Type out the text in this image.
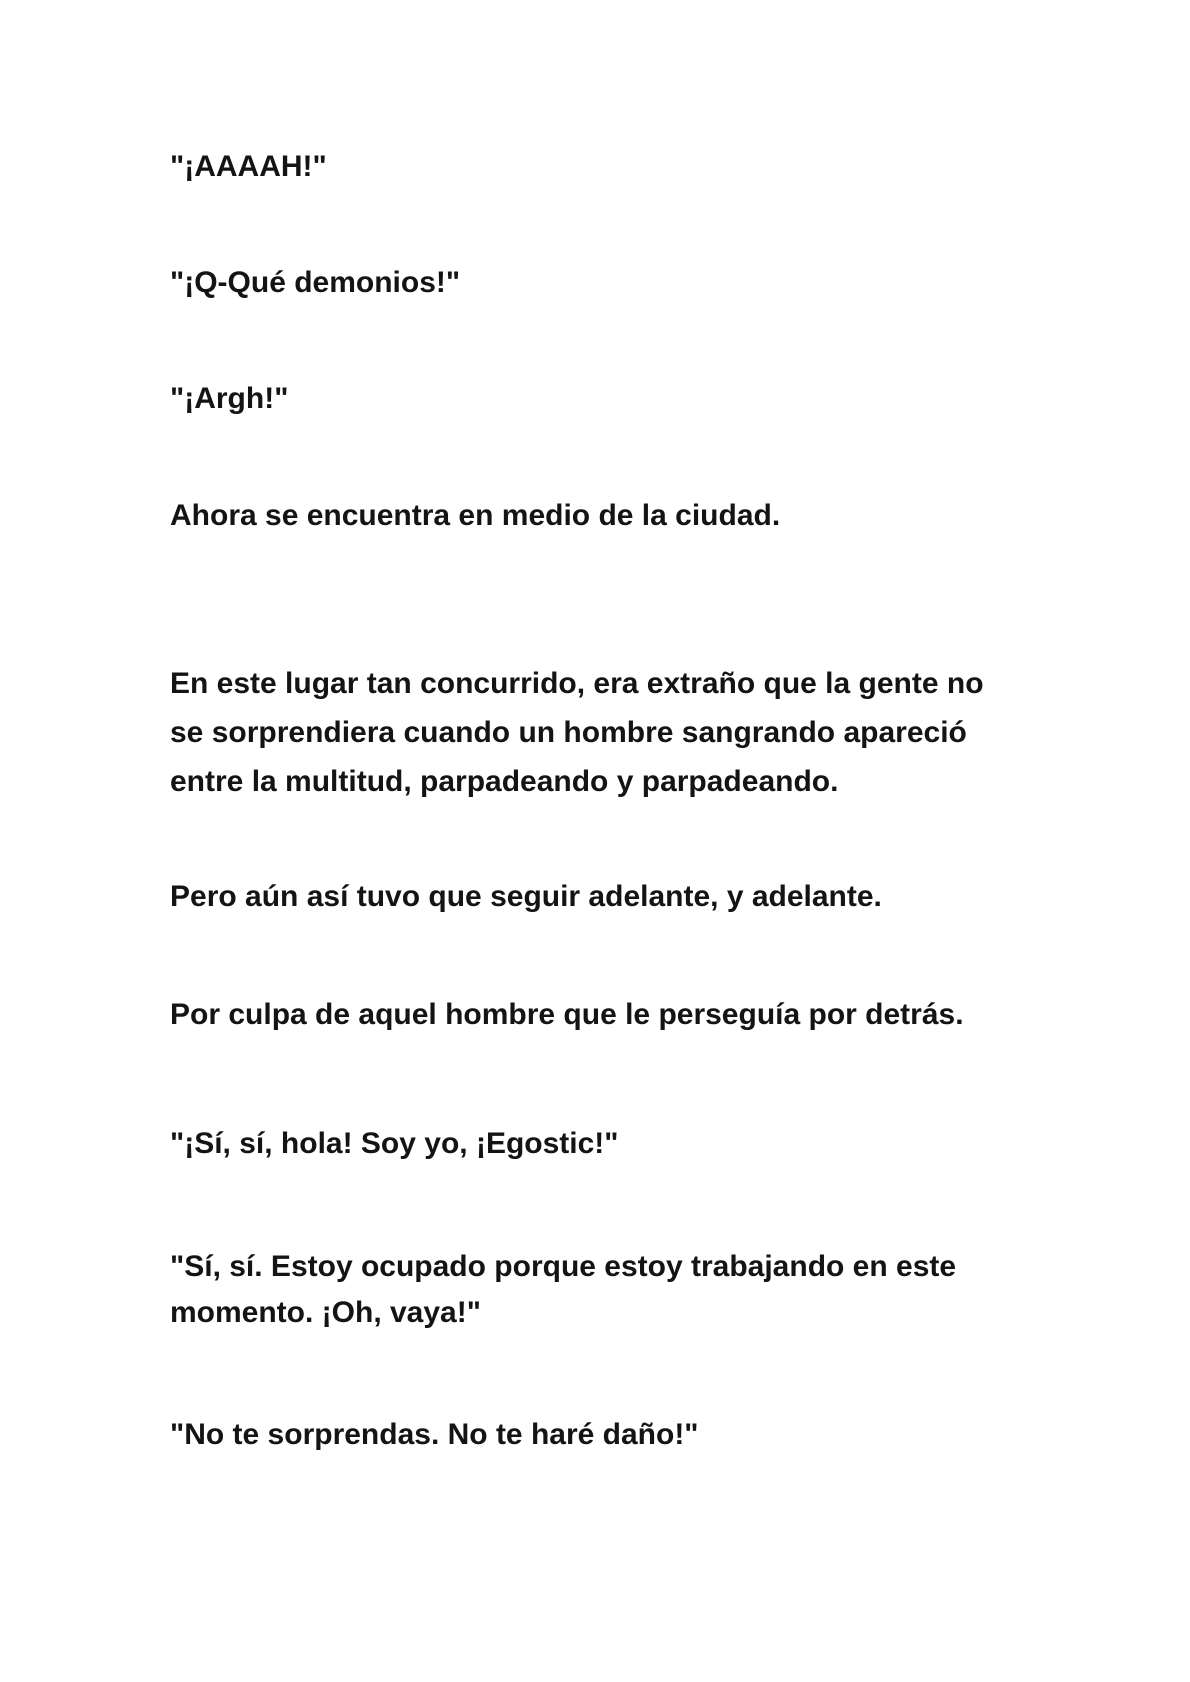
"¡AAAAH!"

"¡Q-Qué demonios!"

"¡Argh!"

Ahora se encuentra en medio de la ciudad.

En este lugar tan concurrido, era extraño que la gente no
se sorprendiera cuando un hombre sangrando apareció
entre la multitud, parpadeando y parpadeando.

Pero aún así tuvo que seguir adelante, y adelante.

Por culpa de aquel hombre que le perseguía por detrás.

"¡Sí, sí, hola! Soy yo, ¡Egostic!"

"Sí, sí. Estoy ocupado porque estoy trabajando en este
momento. ¡Oh, vaya!"

"No te sorprendas. No te haré daño!"
